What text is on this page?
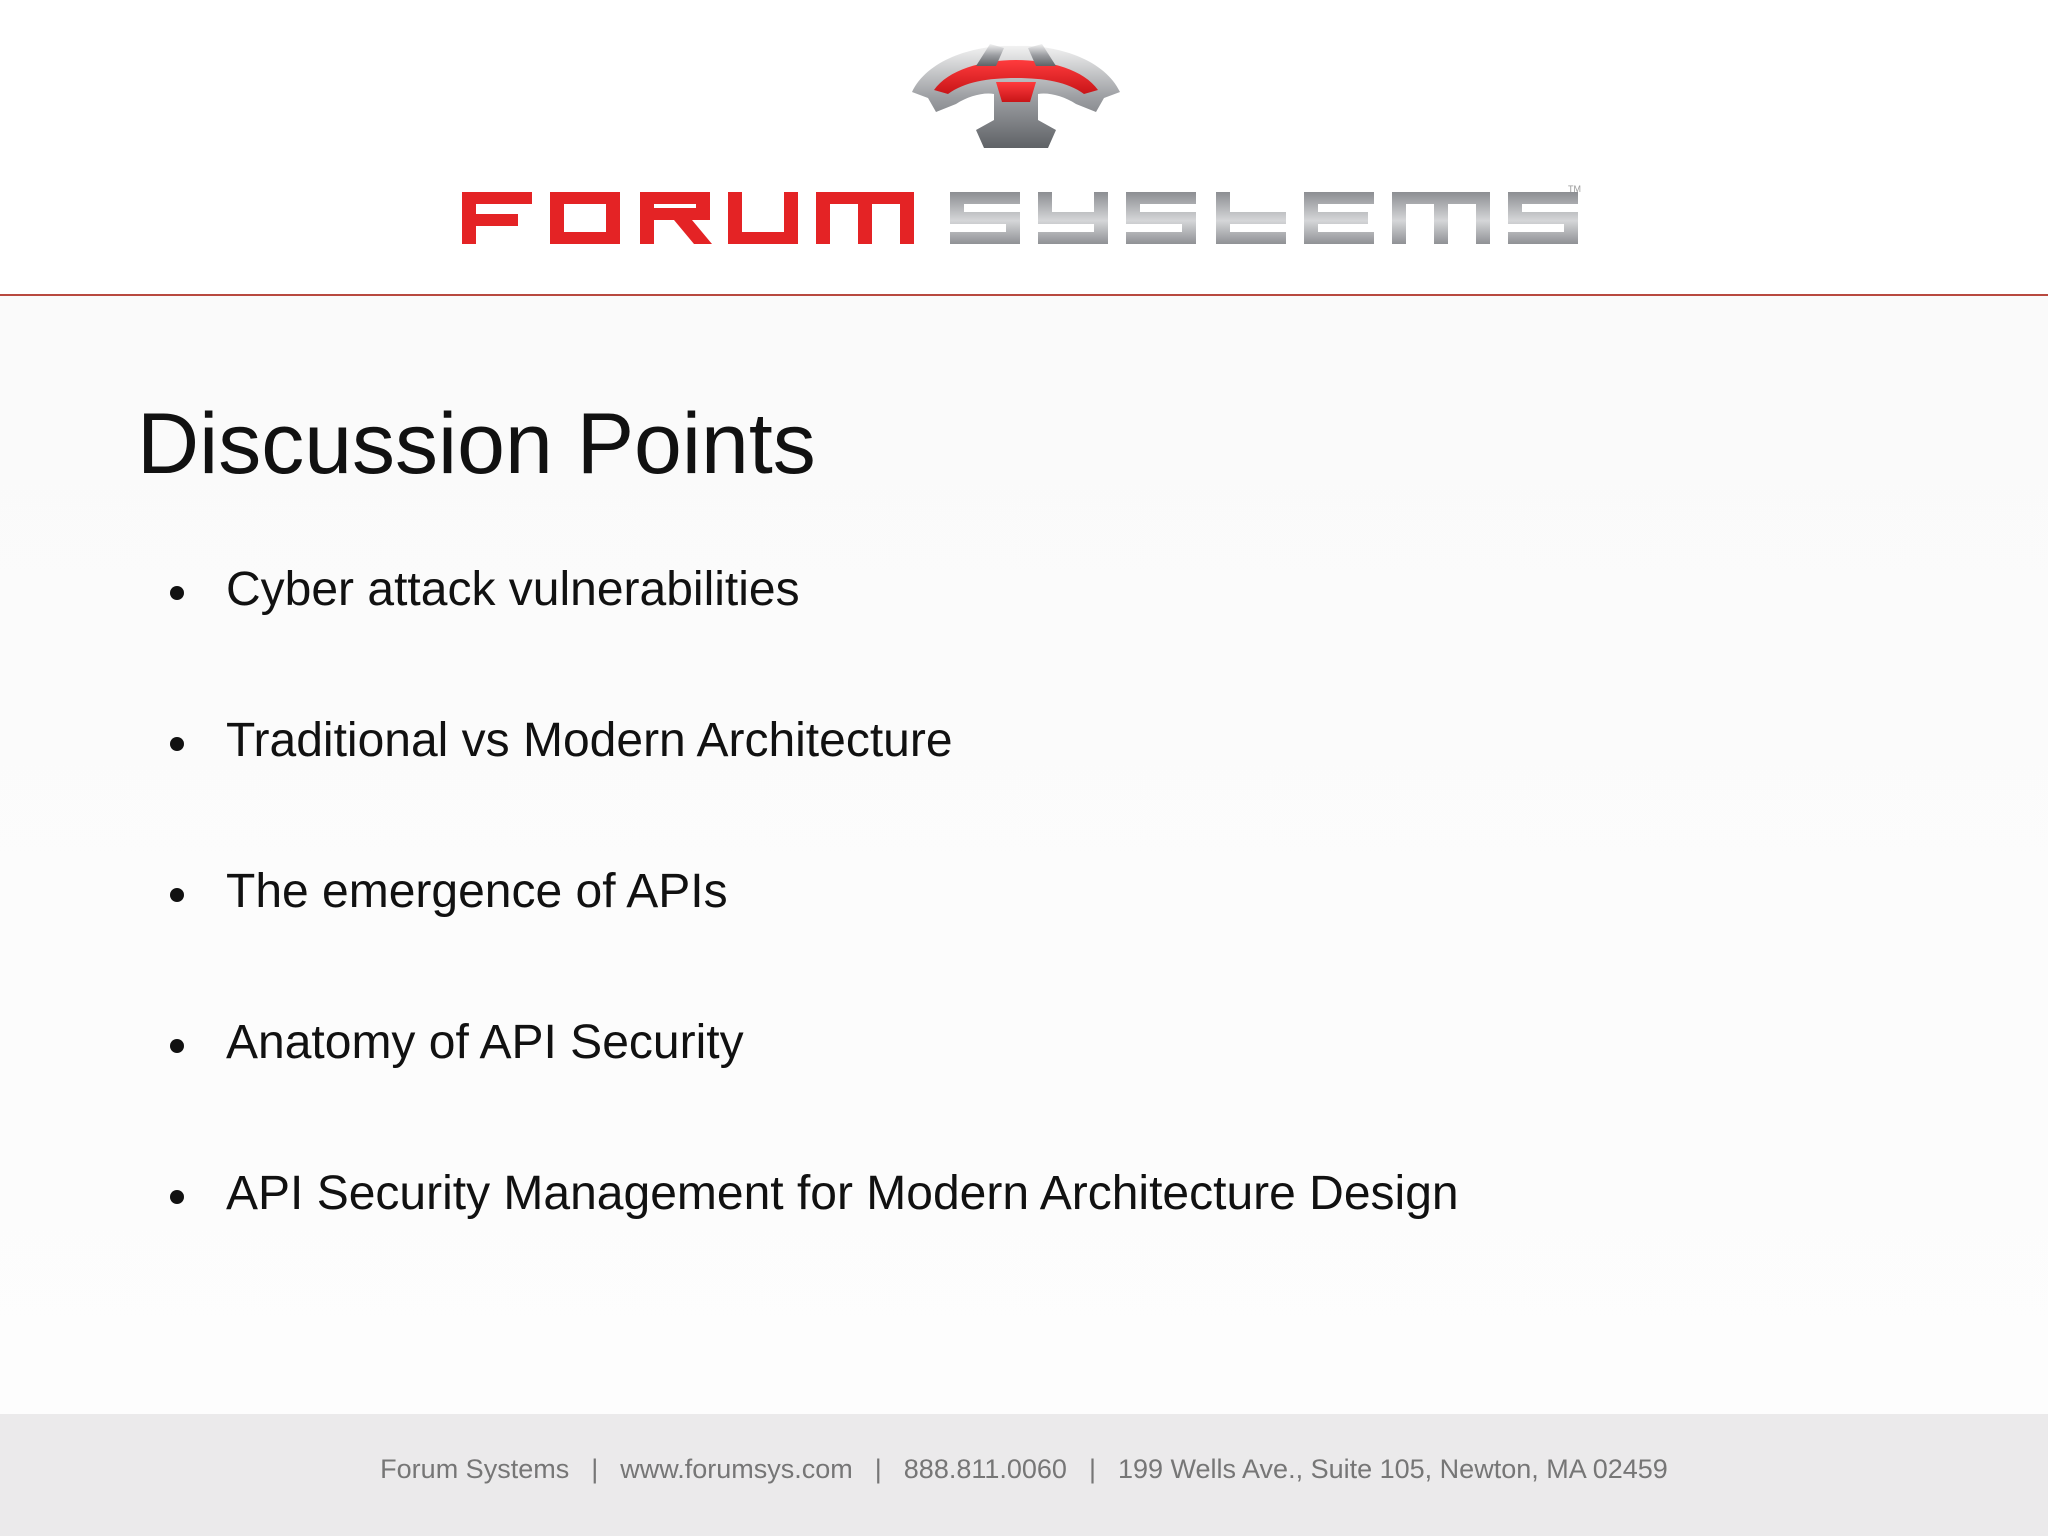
TM
Discussion Points
Cyber attack vulnerabilities
Traditional vs Modern Architecture
The emergence of APIs
Anatomy of API Security
API Security Management for Modern Architecture Design
Forum Systems | www.forumsys.com | 888.811.0060 | 199 Wells Ave., Suite 105, Newton, MA 02459
